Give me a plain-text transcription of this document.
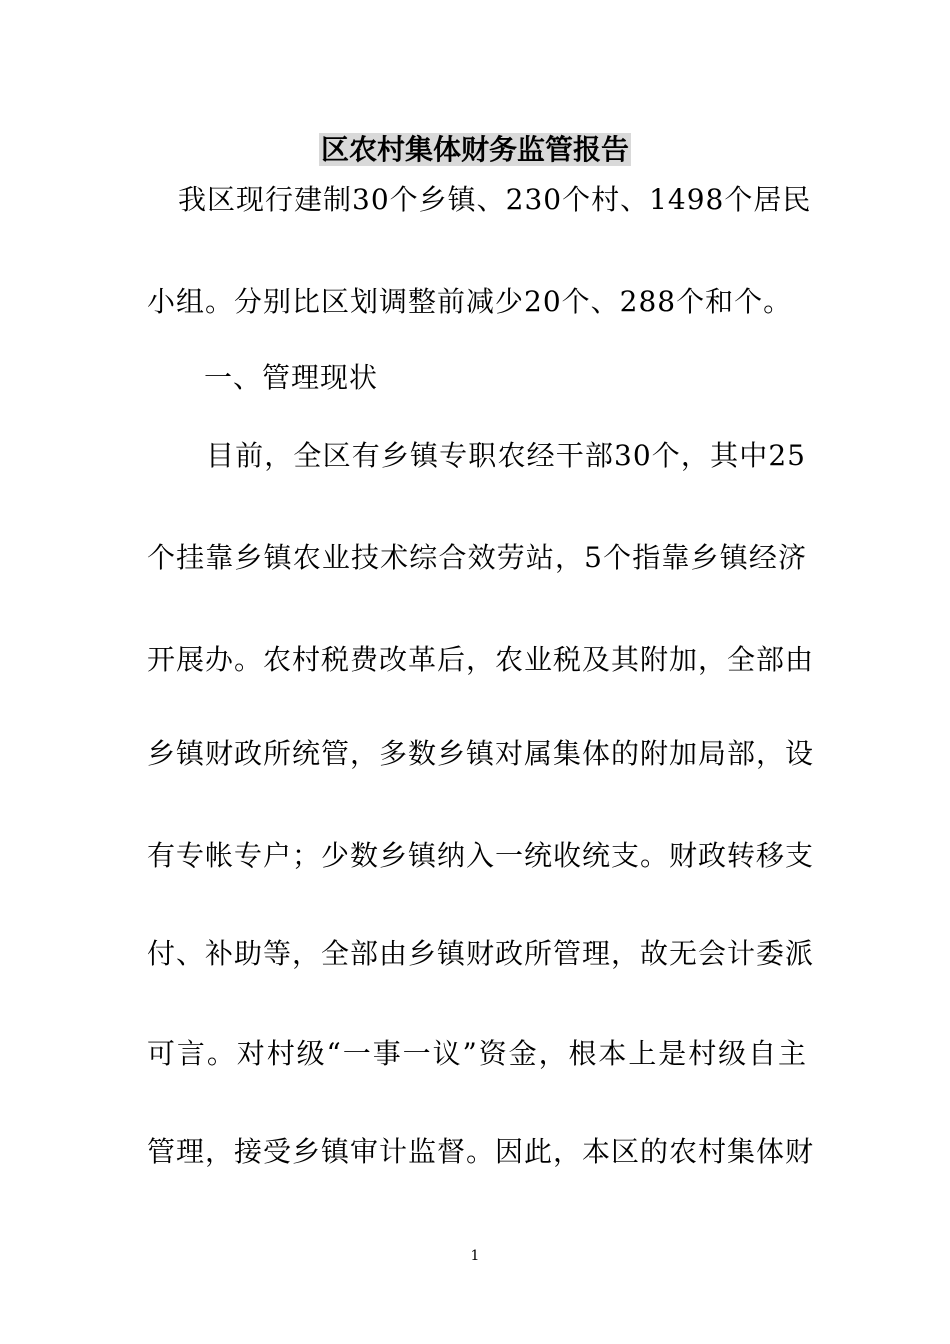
区农村集体财务监管报告
我区现行建制30个乡镇、230个村、1498个居民
小组。分别比区划调整前减少20个、288个和个。
一、管理现状
目前，全区有乡镇专职农经干部30个，其中25
个挂靠乡镇农业技术综合效劳站，5个指靠乡镇经济
开展办。农村税费改革后，农业税及其附加，全部由
乡镇财政所统管，多数乡镇对属集体的附加局部，设
有专帐专户；少数乡镇纳入一统收统支。财政转移支
付、补助等，全部由乡镇财政所管理，故无会计委派
可言。对村级“一事一议”资金，根本上是村级自主
管理，接受乡镇审计监督。因此，本区的农村集体财
1
